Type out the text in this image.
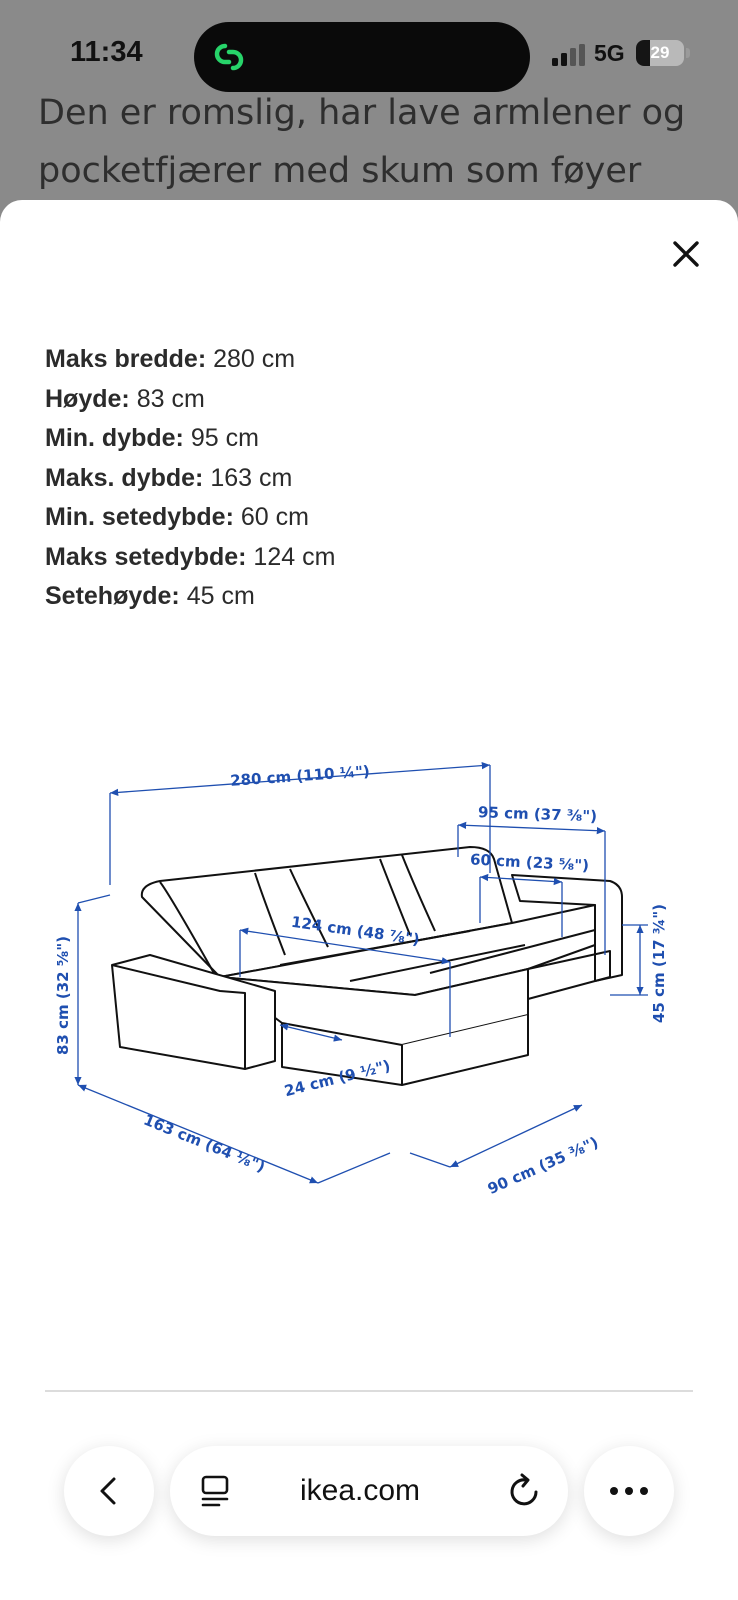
Den er romslig, har lave armlener og
pocketfjærer med skum som føyer
11:34	5G	29
Maks bredde: 280 cm
Høyde: 83 cm
Min. dybde: 95 cm
Maks. dybde: 163 cm
Min. setedybde: 60 cm
Maks setedybde: 124 cm
Setehøyde: 45 cm
280 cm (110 ¼")
95 cm (37 ⅜")
60 cm (23 ⅝")
124 cm (48 ⅞")
83 cm (32 ⅝")	45 cm (17 ¾")
24 cm (9 ½")
163 cm (64 ⅛")	90 cm (35 ⅜")
ikea.com
